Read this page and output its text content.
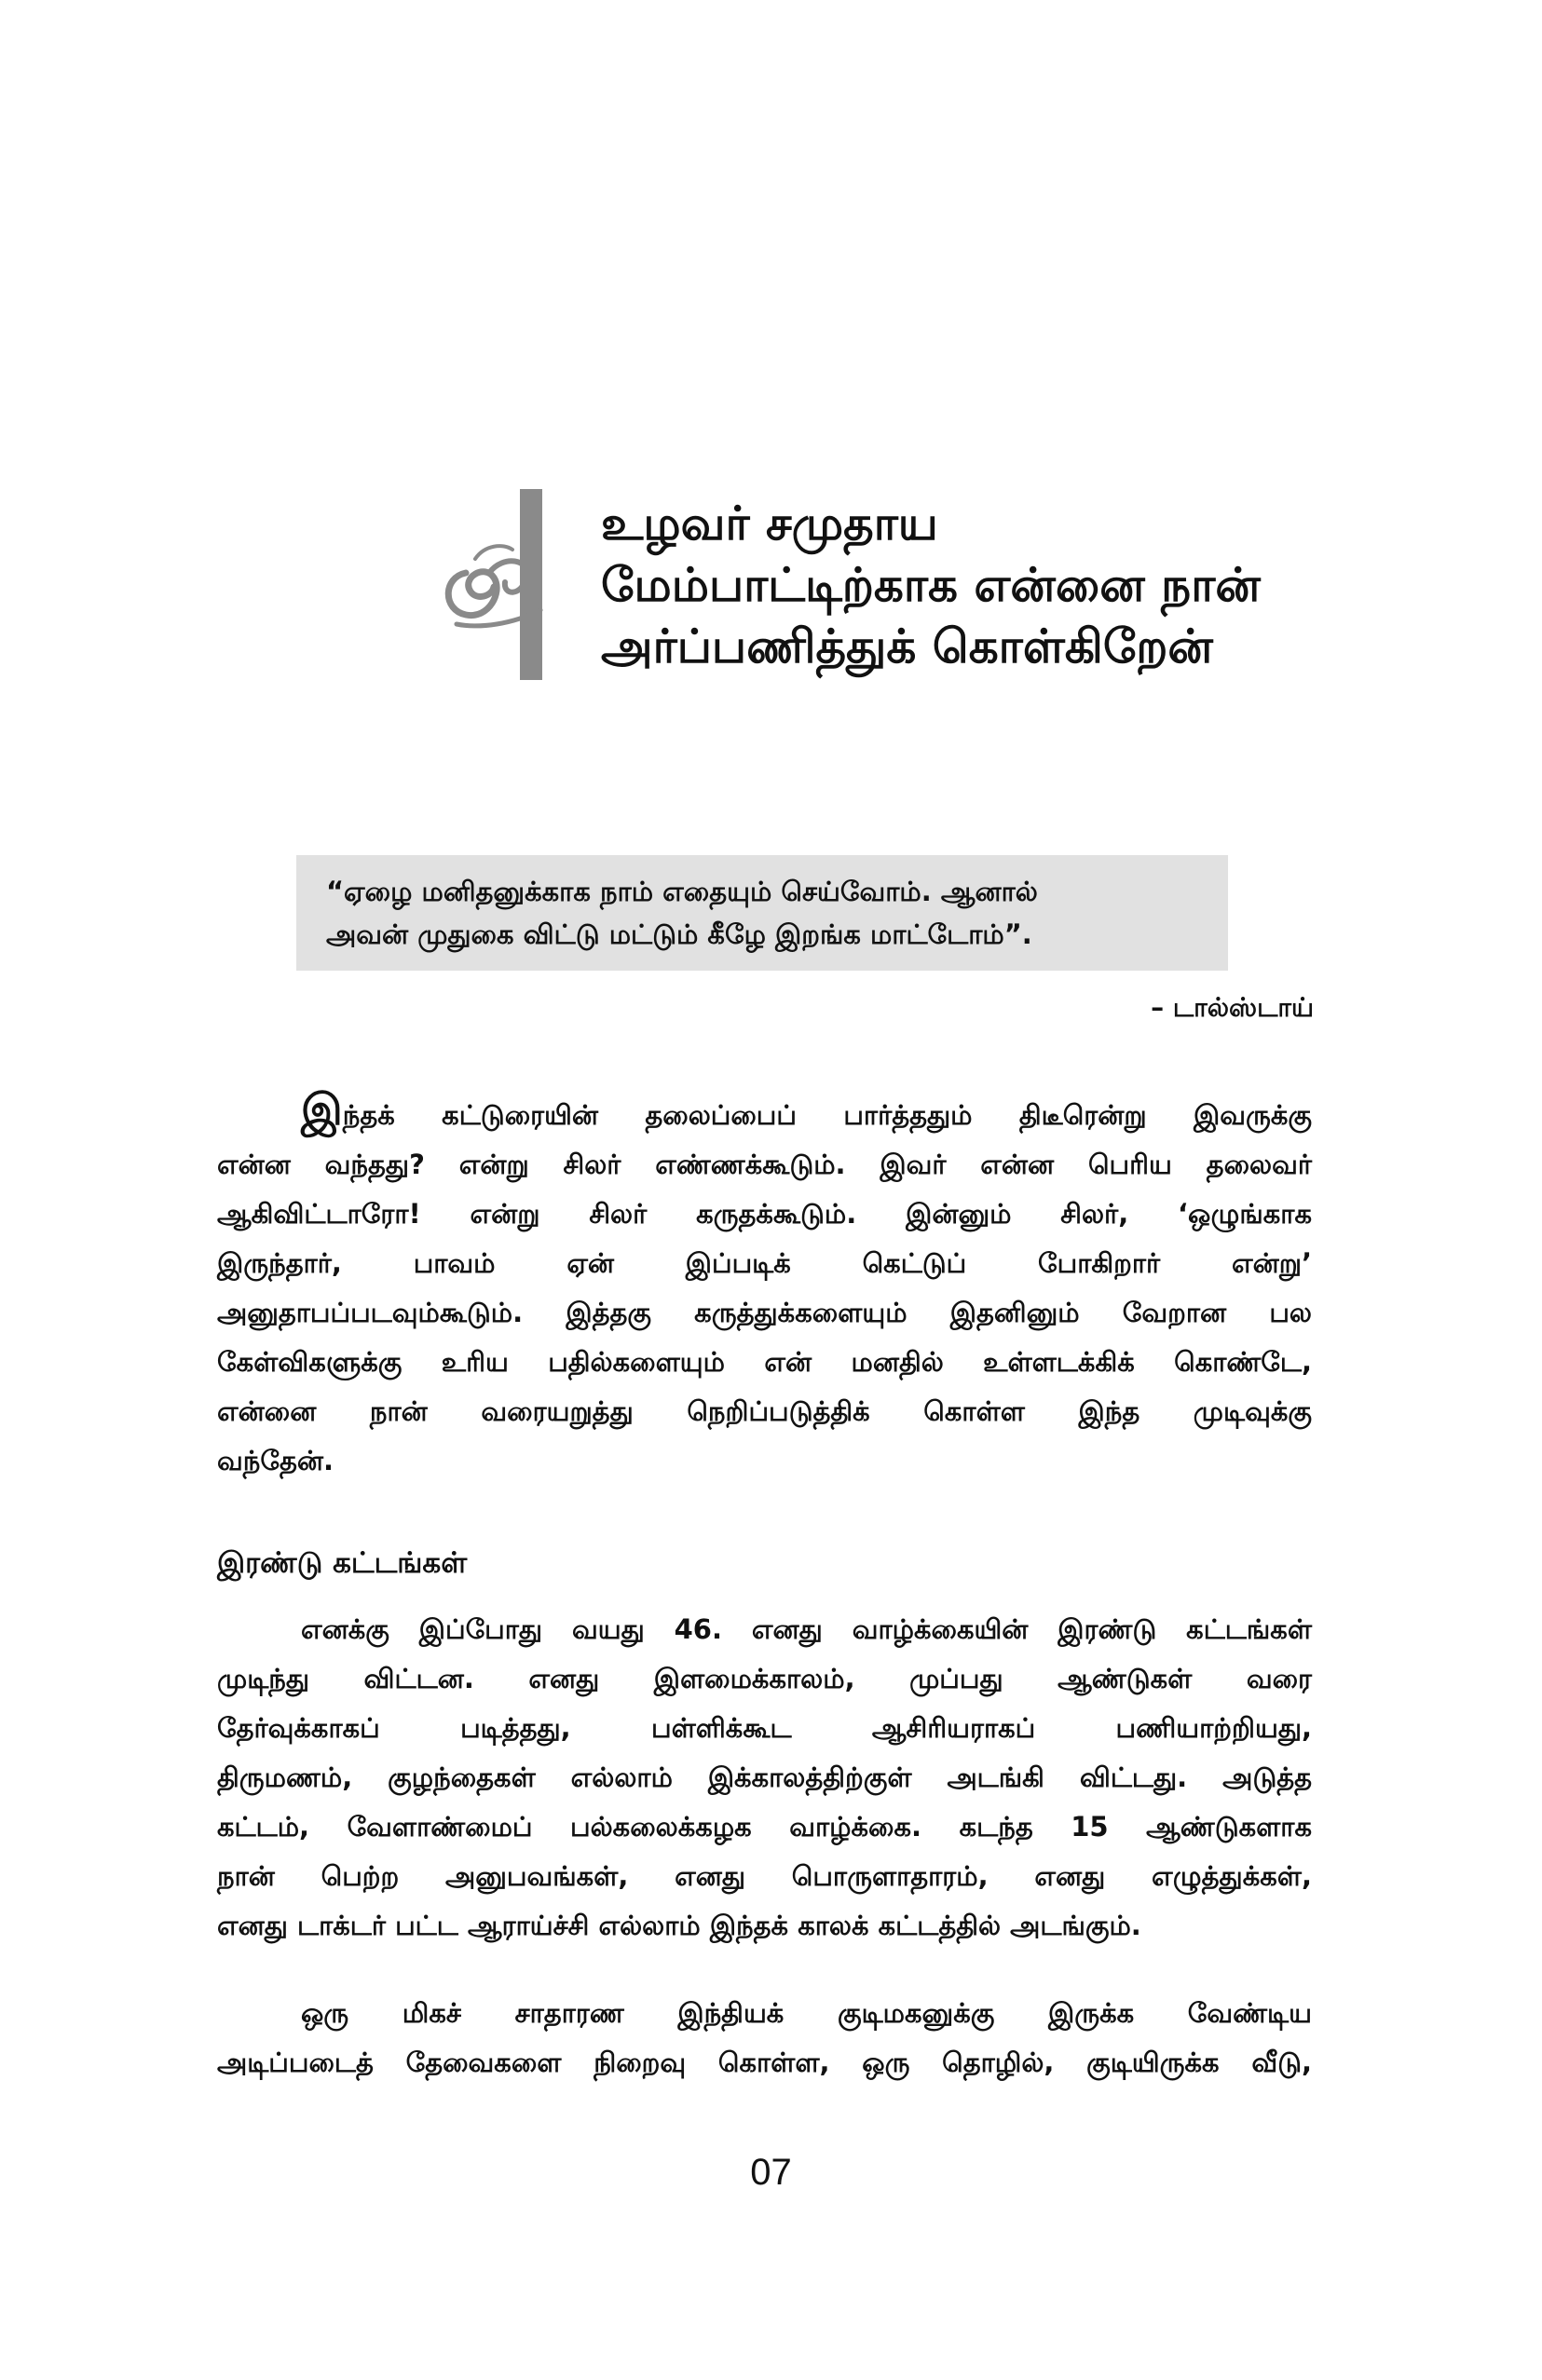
உழவர் சமுதாய
மேம்பாட்டிற்காக என்னை நான்
அர்ப்பணித்துக் கொள்கிறேன்
“ஏழை மனிதனுக்காக நாம் எதையும் செய்வோம். ஆனால்
அவன் முதுகை விட்டு மட்டும் கீழே இறங்க மாட்டோம்”.
– டால்ஸ்டாய்
இந்தக் கட்டுரையின் தலைப்பைப் பார்த்ததும் திடீரென்று இவருக்கு
என்ன வந்தது? என்று சிலர் எண்ணக்கூடும். இவர் என்ன பெரிய தலைவர்
ஆகிவிட்டாரோ! என்று சிலர் கருதக்கூடும். இன்னும் சிலர், ‘ஒழுங்காக
இருந்தார், பாவம் ஏன் இப்படிக் கெட்டுப் போகிறார் என்று’
அனுதாபப்படவும்கூடும். இத்தகு கருத்துக்களையும் இதனினும் வேறான பல
கேள்விகளுக்கு உரிய பதில்களையும் என் மனதில் உள்ளடக்கிக் கொண்டே,
என்னை நான் வரையறுத்து நெறிப்படுத்திக் கொள்ள இந்த முடிவுக்கு
வந்தேன்.
இரண்டு கட்டங்கள்
எனக்கு இப்போது வயது 46. எனது வாழ்க்கையின் இரண்டு கட்டங்கள்
முடிந்து விட்டன. எனது இளமைக்காலம், முப்பது ஆண்டுகள் வரை
தேர்வுக்காகப் படித்தது, பள்ளிக்கூட ஆசிரியராகப் பணியாற்றியது,
திருமணம், குழந்தைகள் எல்லாம் இக்காலத்திற்குள் அடங்கி விட்டது. அடுத்த
கட்டம், வேளாண்மைப் பல்கலைக்கழக வாழ்க்கை. கடந்த 15 ஆண்டுகளாக
நான் பெற்ற அனுபவங்கள், எனது பொருளாதாரம், எனது எழுத்துக்கள்,
எனது டாக்டர் பட்ட ஆராய்ச்சி எல்லாம் இந்தக் காலக் கட்டத்தில் அடங்கும்.
ஒரு மிகச் சாதாரண இந்தியக் குடிமகனுக்கு இருக்க வேண்டிய
அடிப்படைத் தேவைகளை நிறைவு கொள்ள, ஒரு தொழில், குடியிருக்க வீடு,
07
